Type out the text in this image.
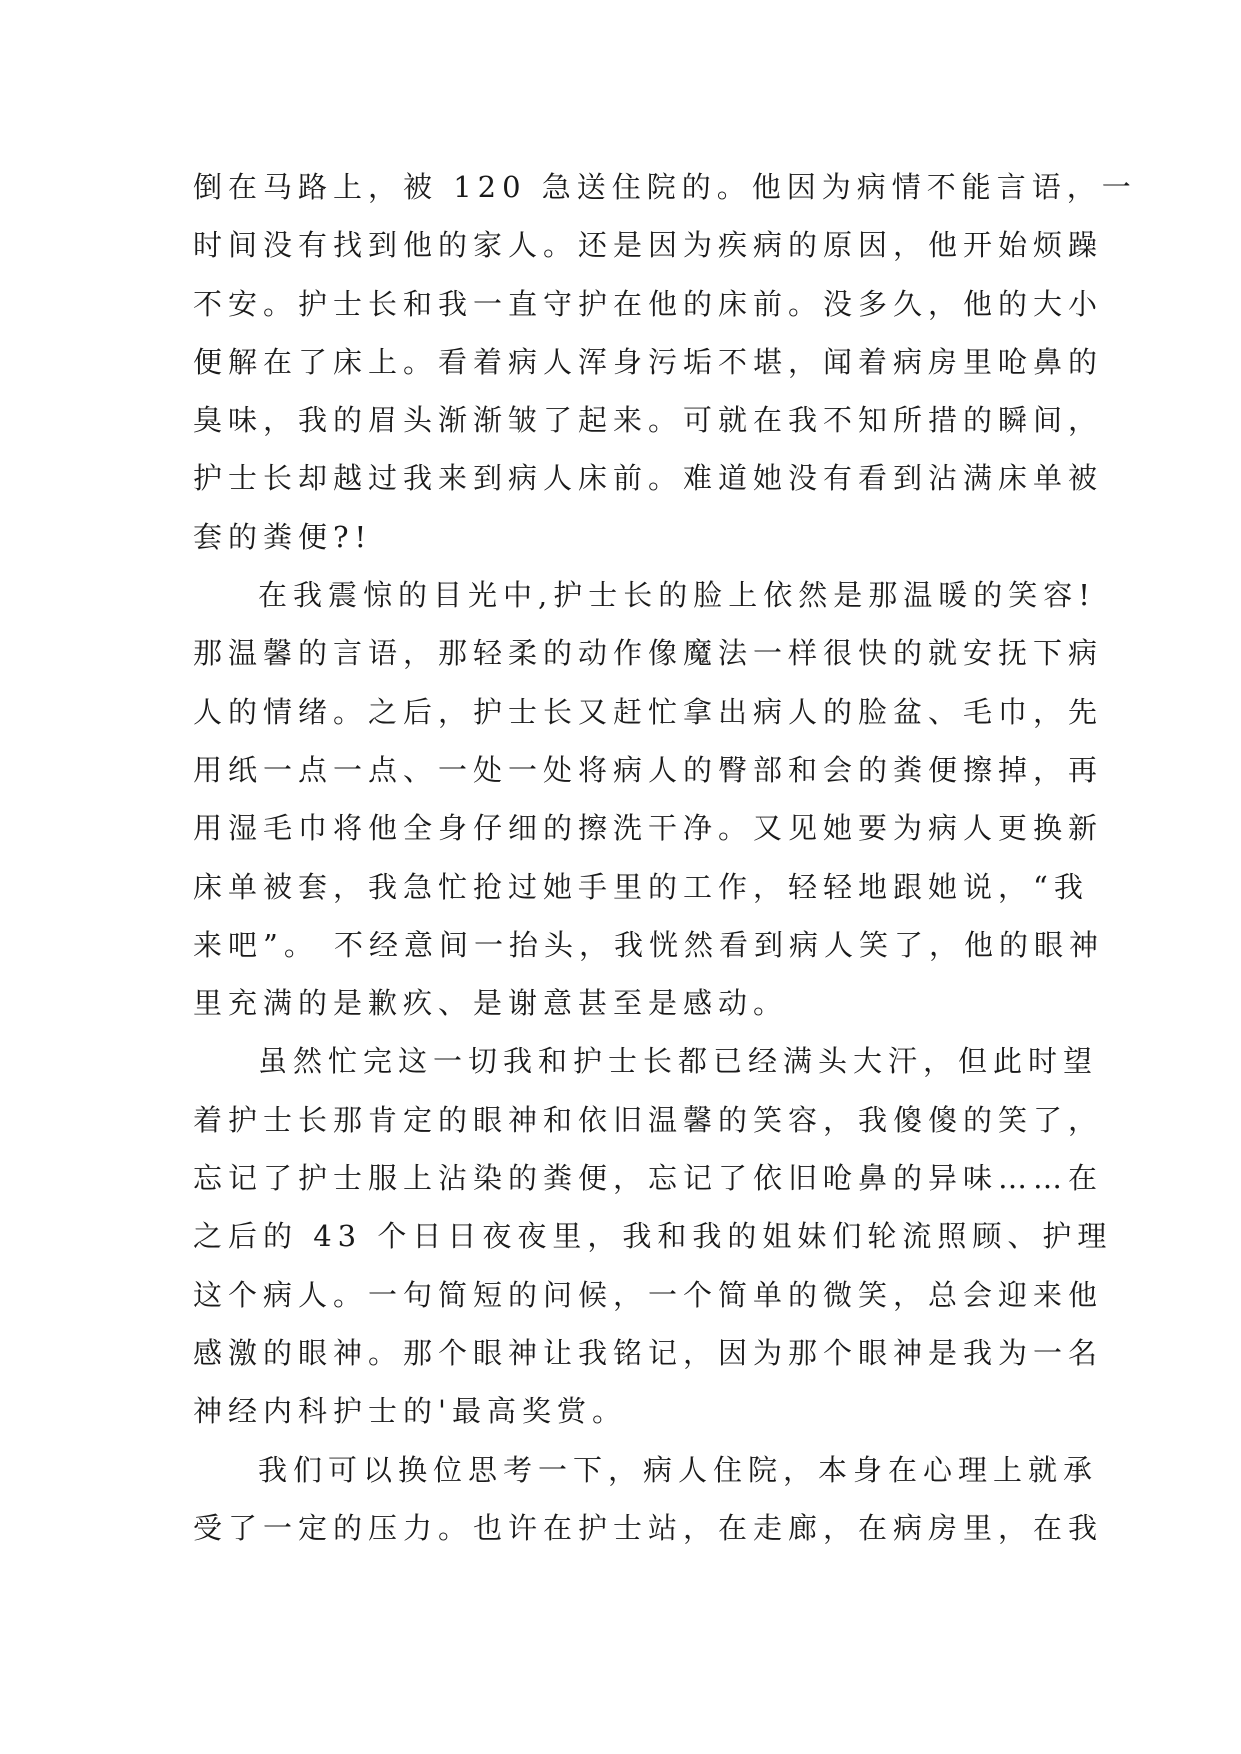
倒在马路上，被 120 急送住院的。他因为病情不能言语，一
时间没有找到他的家人。还是因为疾病的原因，他开始烦躁
不安。护士长和我一直守护在他的床前。没多久，他的大小
便解在了床上。看着病人浑身污垢不堪，闻着病房里呛鼻的
臭味，我的眉头渐渐皱了起来。可就在我不知所措的瞬间，
护士长却越过我来到病人床前。难道她没有看到沾满床单被
套的粪便?!
在我震惊的目光中,护士长的脸上依然是那温暖的笑容!
那温馨的言语，那轻柔的动作像魔法一样很快的就安抚下病
人的情绪。之后，护士长又赶忙拿出病人的脸盆、毛巾，先
用纸一点一点、一处一处将病人的臀部和会的粪便擦掉，再
用湿毛巾将他全身仔细的擦洗干净。又见她要为病人更换新
床单被套，我急忙抢过她手里的工作，轻轻地跟她说，“我
来吧”。 不经意间一抬头，我恍然看到病人笑了，他的眼神
里充满的是歉疚、是谢意甚至是感动。
虽然忙完这一切我和护士长都已经满头大汗，但此时望
着护士长那肯定的眼神和依旧温馨的笑容，我傻傻的笑了，
忘记了护士服上沾染的粪便，忘记了依旧呛鼻的异味……在
之后的 43 个日日夜夜里，我和我的姐妹们轮流照顾、护理
这个病人。一句简短的问候，一个简单的微笑，总会迎来他
感激的眼神。那个眼神让我铭记，因为那个眼神是我为一名
神经内科护士的'最高奖赏。
我们可以换位思考一下，病人住院，本身在心理上就承
受了一定的压力。也许在护士站，在走廊，在病房里，在我
